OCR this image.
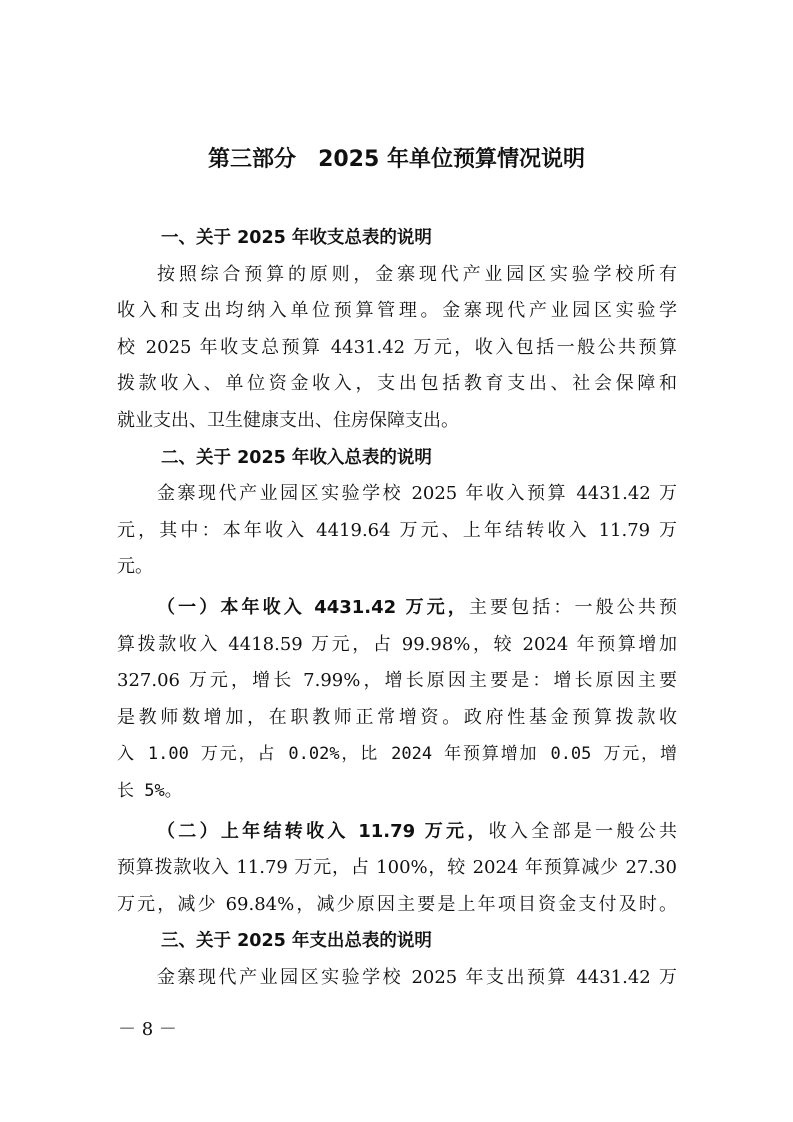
第三部分 2025 年单位预算情况说明
一、关于 2025 年收支总表的说明
按照综合预算的原则，金寨现代产业园区实验学校所有
收入和支出均纳入单位预算管理。金寨现代产业园区实验学
校 2025 年收支总预算 4431.42 万元，收入包括一般公共预算
拨款收入、单位资金收入，支出包括教育支出、社会保障和
就业支出、卫生健康支出、住房保障支出。
二、关于 2025 年收入总表的说明
金寨现代产业园区实验学校 2025 年收入预算 4431.42 万
元，其中：本年收入 4419.64 万元、上年结转收入 11.79 万
元。
（一）本年收入 4431.42 万元，主要包括：一般公共预
算拨款收入 4418.59 万元，占 99.98%，较 2024 年预算增加
327.06 万元，增长 7.99%，增长原因主要是：增长原因主要
是教师数增加，在职教师正常增资。政府性基金预算拨款收
入 1.00 万元，占 0.02%，比 2024 年预算增加 0.05 万元，增
长 5%。
（二）上年结转收入 11.79 万元，收入全部是一般公共
预算拨款收入 11.79 万元，占 100%，较 2024 年预算减少 27.30
万元，减少 69.84%，减少原因主要是上年项目资金支付及时。
三、关于 2025 年支出总表的说明
金寨现代产业园区实验学校 2025 年支出预算 4431.42 万
－ 8 －
